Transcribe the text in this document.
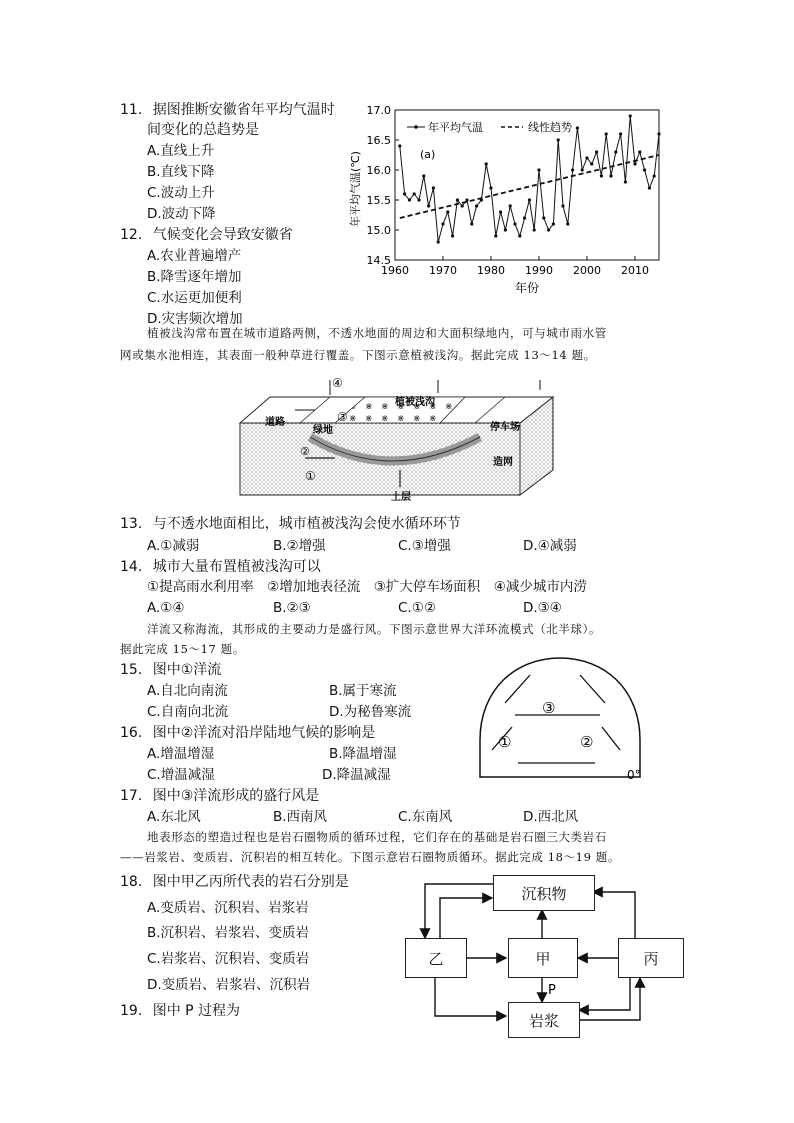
11. 据图推断安徽省年平均气温时
间变化的总趋势是
A.直线上升
B.直线下降
C.波动上升
D.波动下降
12. 气候变化会导致安徽省
A.农业普遍增产
B.降雪逐年增加
C.水运更加便利
D.灾害频次增加
14.5
15.0
15.5
16.0
16.5
17.0
1960 1970 1980 1990 2000 2010
年平均气温(℃)
年份
年平均气温	线性趋势
(a)
植被浅沟常布置在城市道路两侧，不透水地面的周边和大面积绿地内，可与城市雨水管
网或集水池相连，其表面一般种草进行覆盖。下图示意植被浅沟。据此完成 13～14 题。
道路
绿地
植被浅沟
停车场
造网
土层
①
②
③
④
13. 与不透水地面相比，城市植被浅沟会使水循环环节
A.①减弱	B.②增强	C.③增强	D.④减弱
14. 城市大量布置植被浅沟可以
①提高雨水利用率　②增加地表径流　③扩大停车场面积　④减少城市内涝
A.①④	B.②③	C.①②	D.③④
洋流又称海流，其形成的主要动力是盛行风。下图示意世界大洋环流模式（北半球）。
据此完成 15～17 题。
15. 图中①洋流
A.自北向南流	B.属于寒流
C.自南向北流	D.为秘鲁寒流
16. 图中②洋流对沿岸陆地气候的影响是
A.增温增湿	B.降温增湿
C.增温减湿	D.降温减湿
③
①	②
0°
17. 图中③洋流形成的盛行风是
A.东北风	B.西南风	C.东南风	D.西北风
地表形态的塑造过程也是岩石圈物质的循环过程，它们存在的基础是岩石圈三大类岩石
——岩浆岩、变质岩、沉积岩的相互转化。下图示意岩石圈物质循环。据此完成 18～19 题。
18. 图中甲乙丙所代表的岩石分别是
A.变质岩、沉积岩、岩浆岩
B.沉积岩、岩浆岩、变质岩
C.岩浆岩、沉积岩、变质岩
D.变质岩、岩浆岩、沉积岩
19. 图中 P 过程为
P
沉积物
乙	甲	丙
岩浆
